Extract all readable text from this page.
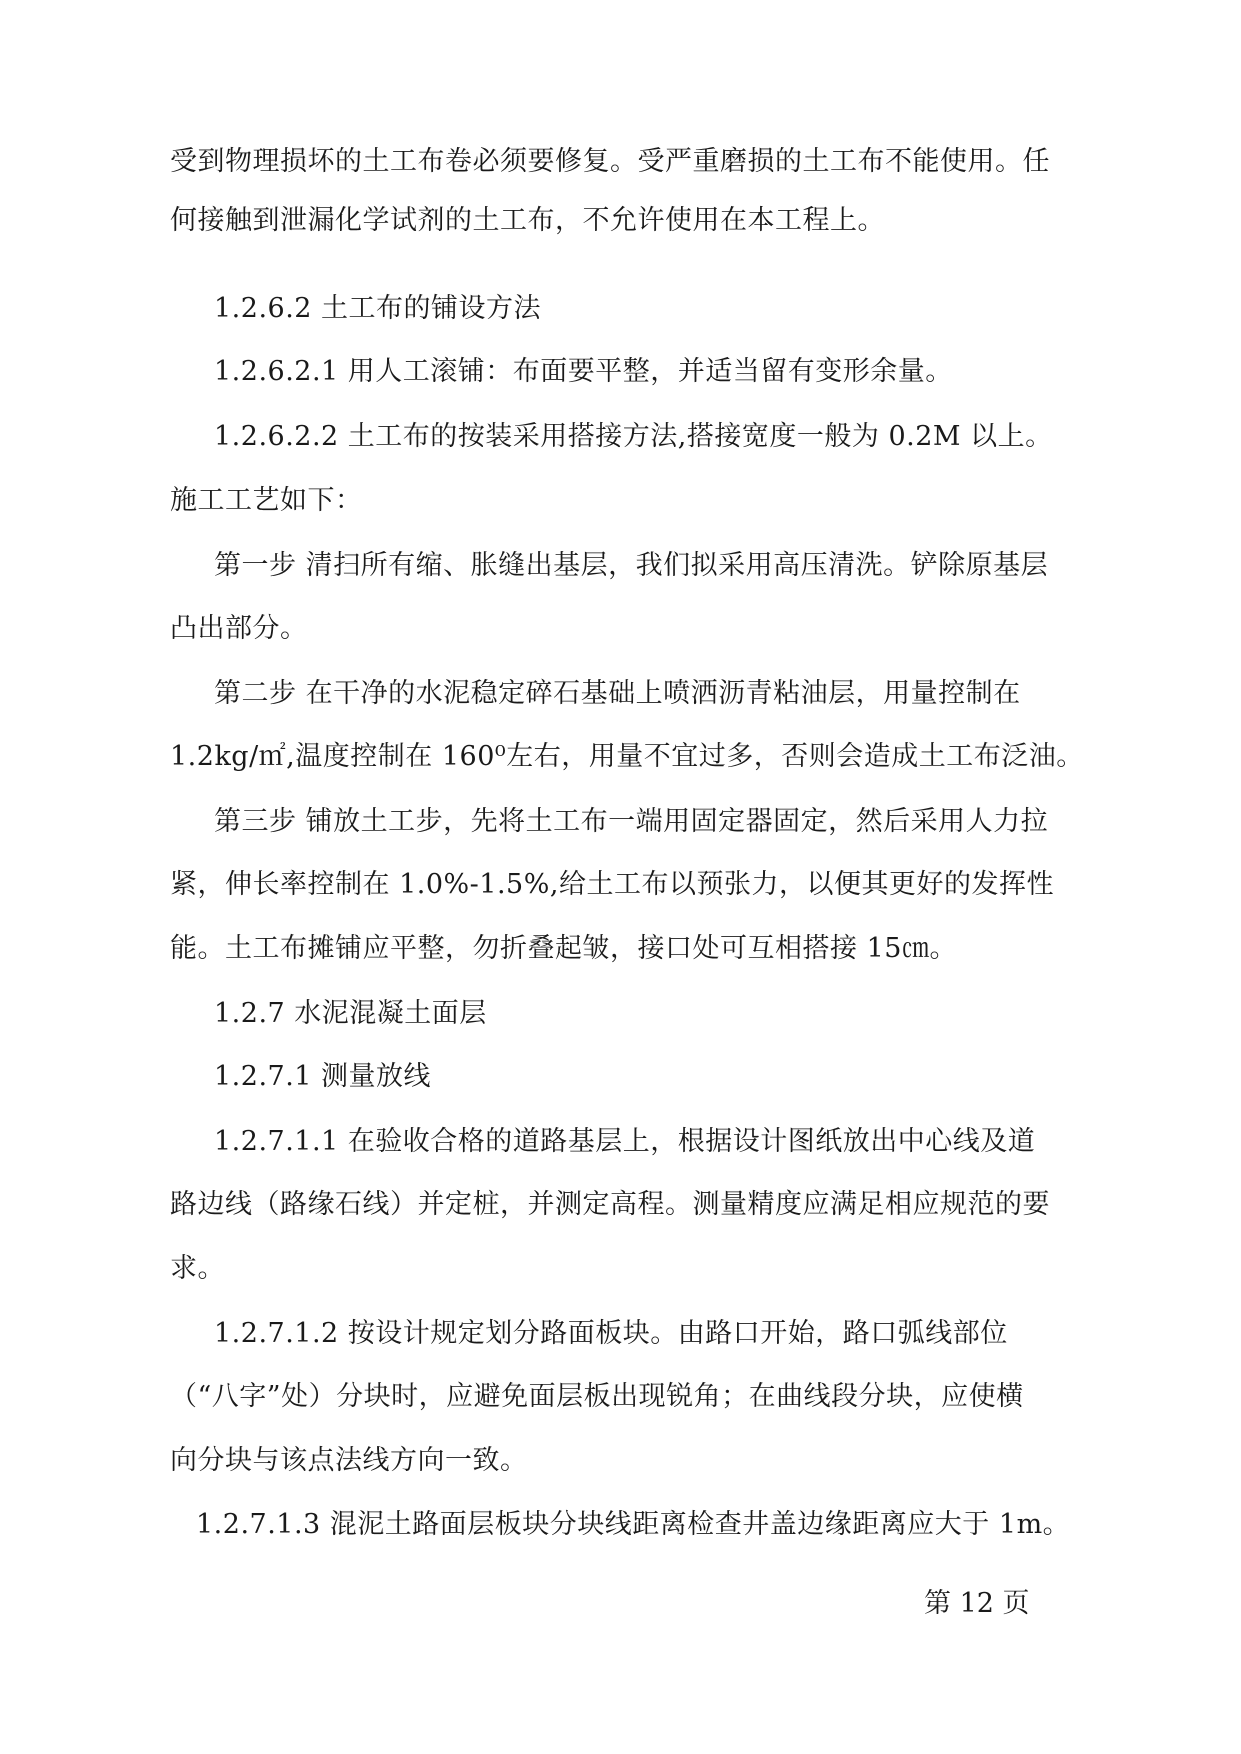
受到物理损坏的土工布卷必须要修复。受严重磨损的土工布不能使用。任
何接触到泄漏化学试剂的土工布，不允许使用在本工程上。
1.2.6.2 土工布的铺设方法
1.2.6.2.1 用人工滚铺：布面要平整，并适当留有变形余量。
1.2.6.2.2 土工布的按装采用搭接方法,搭接宽度一般为 0.2M 以上。
施工工艺如下：
第一步 清扫所有缩、胀缝出基层，我们拟采用高压清洗。铲除原基层
凸出部分。
第二步 在干净的水泥稳定碎石基础上喷洒沥青粘油层，用量控制在
1.2kg/㎡,温度控制在 160⁰左右，用量不宜过多，否则会造成土工布泛油。
第三步 铺放土工步，先将土工布一端用固定器固定，然后采用人力拉
紧，伸长率控制在 1.0%-1.5%,给土工布以预张力，以便其更好的发挥性
能。土工布摊铺应平整，勿折叠起皱，接口处可互相搭接 15㎝。
1.2.7 水泥混凝土面层
1.2.7.1 测量放线
1.2.7.1.1 在验收合格的道路基层上，根据设计图纸放出中心线及道
路边线（路缘石线）并定桩，并测定高程。测量精度应满足相应规范的要
求。
1.2.7.1.2 按设计规定划分路面板块。由路口开始，路口弧线部位
（“八字”处）分块时，应避免面层板出现锐角；在曲线段分块，应使横
向分块与该点法线方向一致。
1.2.7.1.3 混泥土路面层板块分块线距离检查井盖边缘距离应大于 1m。
第 12 页
